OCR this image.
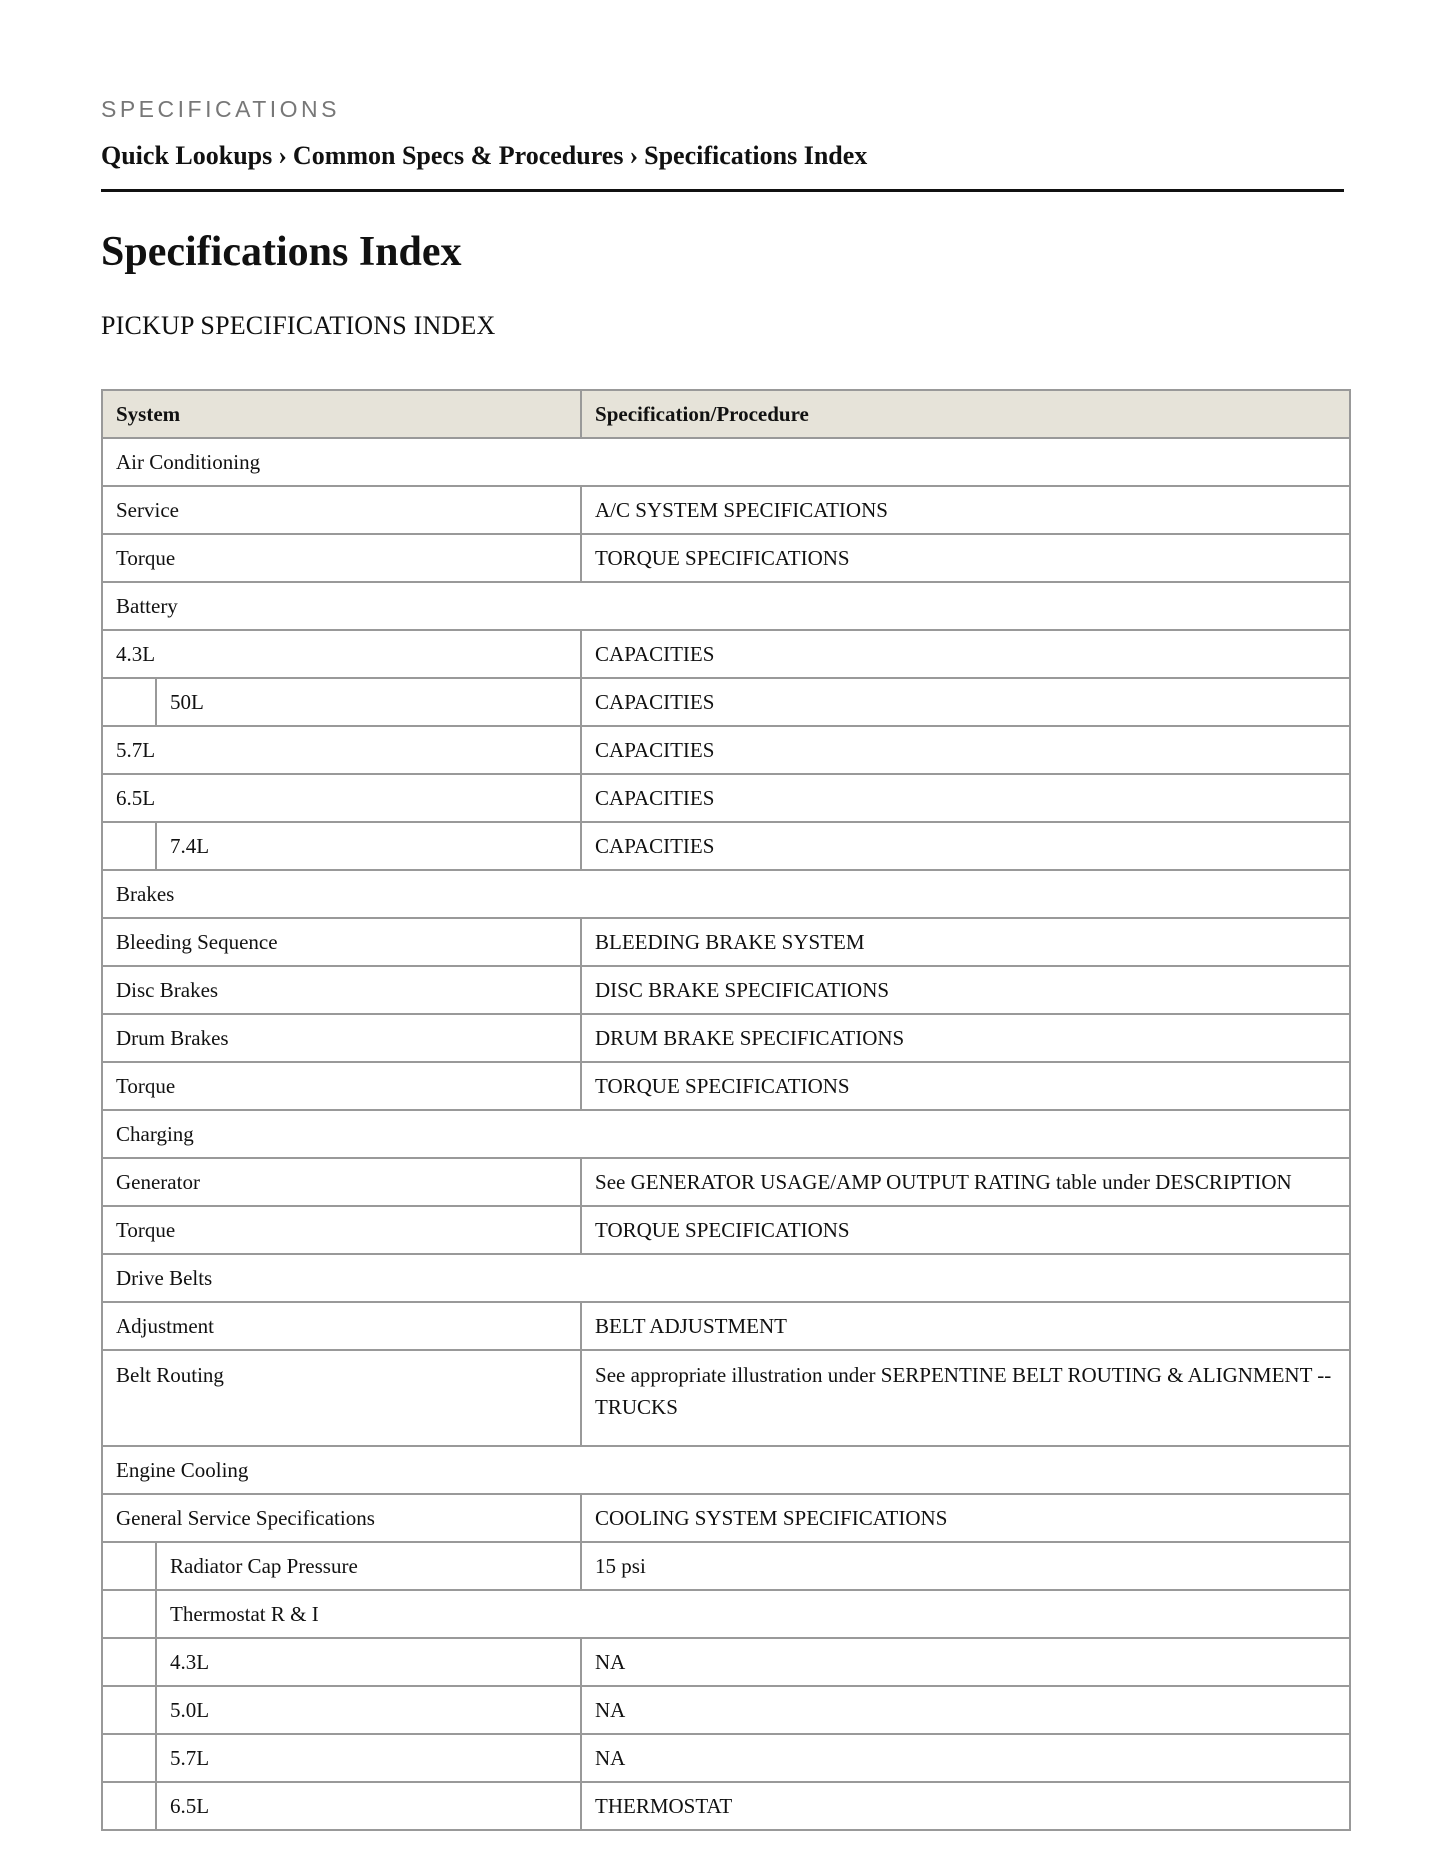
SPECIFICATIONS

Quick Lookups › Common Specs & Procedures › Specifications Index
Specifications Index

PICKUP SPECIFICATIONS INDEX

System		Specification/Procedure
Air Conditioning		
Service		A/C SYSTEM SPECIFICATIONS
Torque		TORQUE SPECIFICATIONS
Battery		
4.3L		CAPACITIES
	50L	CAPACITIES
5.7L		CAPACITIES
6.5L		CAPACITIES
	7.4L	CAPACITIES
Brakes		
Bleeding Sequence		BLEEDING BRAKE SYSTEM
Disc Brakes		DISC BRAKE SPECIFICATIONS
Drum Brakes		DRUM BRAKE SPECIFICATIONS
Torque		TORQUE SPECIFICATIONS
Charging		
Generator		See GENERATOR USAGE/AMP OUTPUT RATING table under DESCRIPTION
Torque		TORQUE SPECIFICATIONS
Drive Belts		
Adjustment		BELT ADJUSTMENT
Belt Routing		See appropriate illustration under SERPENTINE BELT ROUTING & ALIGNMENT -- TRUCKS
Engine Cooling		
General Service Specifications		COOLING SYSTEM SPECIFICATIONS
	Radiator Cap Pressure	15 psi
	Thermostat R & I	
	4.3L	NA
	5.0L	NA
	5.7L	NA
	6.5L	THERMOSTAT
